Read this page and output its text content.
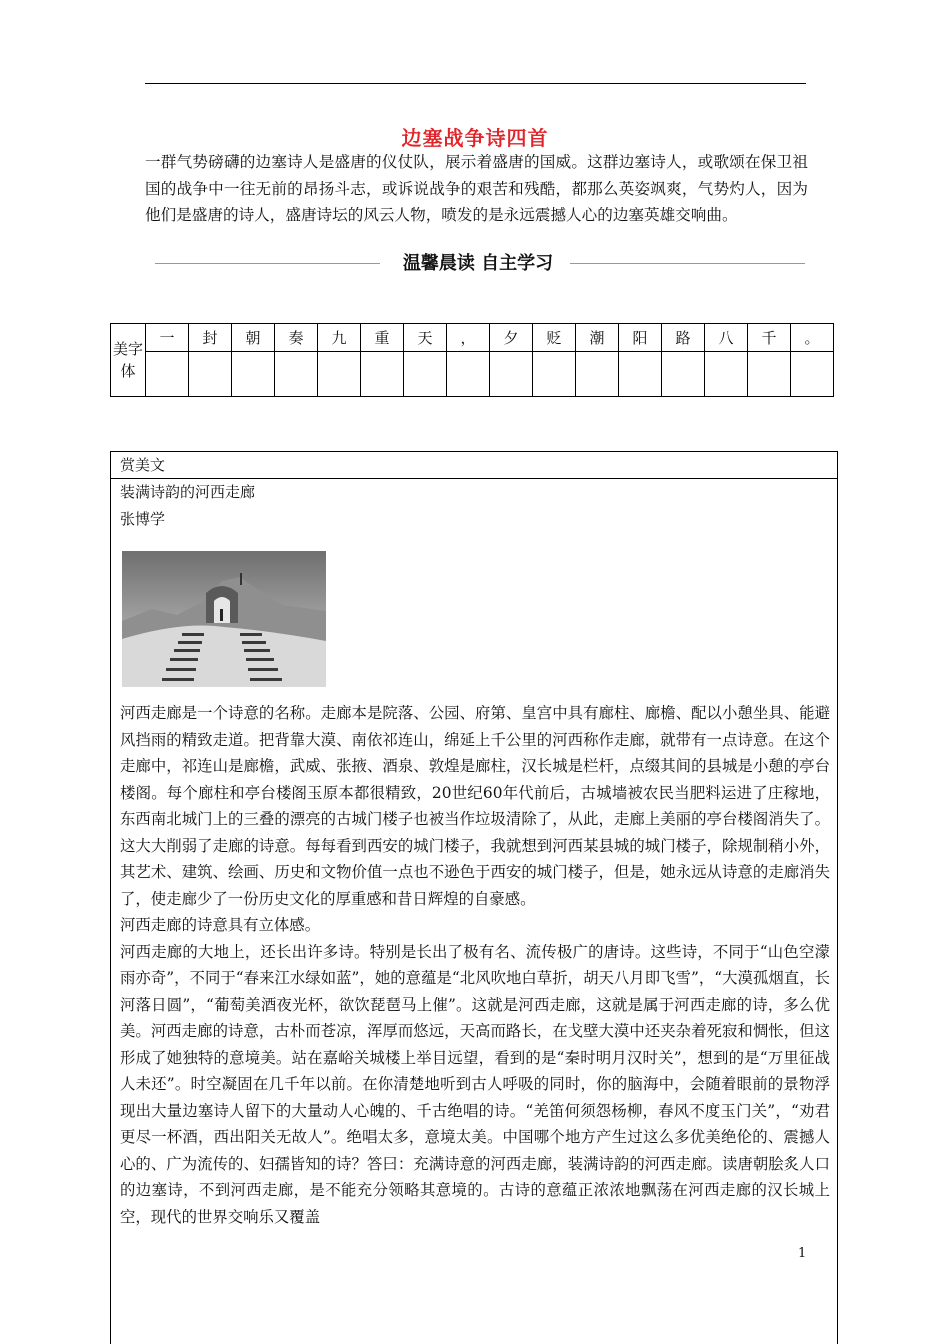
边塞战争诗四首
一群气势磅礴的边塞诗人是盛唐的仪仗队，展示着盛唐的国威。这群边塞诗人，或歌颂在保卫祖国的战争中一往无前的昂扬斗志，或诉说战争的艰苦和残酷，都那么英姿飒爽，气势灼人，因为他们是盛唐的诗人，盛唐诗坛的风云人物，喷发的是永远震撼人心的边塞英雄交响曲。
温馨晨读 自主学习
美字体	一	封	朝	奏	九	重	天	，	夕	贬	潮	阳	路	八	千	。

赏美文
装满诗韵的河西走廊
张博学

河西走廊是一个诗意的名称。走廊本是院落、公园、府第、皇宫中具有廊柱、廊檐、配以小憩坐具、能避风挡雨的精致走道。把背靠大漠、南依祁连山，绵延上千公里的河西称作走廊，就带有一点诗意。在这个走廊中，祁连山是廊檐，武威、张掖、酒泉、敦煌是廊柱，汉长城是栏杆，点缀其间的县城是小憩的亭台楼阁。每个廊柱和亭台楼阁玉原本都很精致，20世纪60年代前后，古城墙被农民当肥料运进了庄稼地，东西南北城门上的三叠的漂亮的古城门楼子也被当作垃圾清除了，从此，走廊上美丽的亭台楼阁消失了。这大大削弱了走廊的诗意。每每看到西安的城门楼子，我就想到河西某县城的城门楼子，除规制稍小外，其艺术、建筑、绘画、历史和文物价值一点也不逊色于西安的城门楼子，但是，她永远从诗意的走廊消失了，使走廊少了一份历史文化的厚重感和昔日辉煌的自豪感。

河西走廊的诗意具有立体感。

河西走廊的大地上，还长出许多诗。特别是长出了极有名、流传极广的唐诗。这些诗，不同于“山色空濛雨亦奇”，不同于“春来江水绿如蓝”，她的意蕴是“北风吹地白草折，胡天八月即飞雪”，“大漠孤烟直，长河落日圆”，“葡萄美酒夜光杯，欲饮琵琶马上催”。这就是河西走廊，这就是属于河西走廊的诗，多么优美。河西走廊的诗意，古朴而苍凉，浑厚而悠远，天高而路长，在戈壁大漠中还夹杂着死寂和惆怅，但这形成了她独特的意境美。站在嘉峪关城楼上举目远望，看到的是“秦时明月汉时关”，想到的是“万里征战人未还”。时空凝固在几千年以前。在你清楚地听到古人呼吸的同时，你的脑海中，会随着眼前的景物浮现出大量边塞诗人留下的大量动人心魄的、千古绝唱的诗。“羌笛何须怨杨柳，春风不度玉门关”，“劝君更尽一杯酒，西出阳关无故人”。绝唱太多，意境太美。中国哪个地方产生过这么多优美绝伦的、震撼人心的、广为流传的、妇孺皆知的诗？答曰：充满诗意的河西走廊，装满诗韵的河西走廊。读唐朝脍炙人口的边塞诗，不到河西走廊，是不能充分领略其意境的。古诗的意蕴正浓浓地飘荡在河西走廊的汉长城上空，现代的世界交响乐又覆盖

1
